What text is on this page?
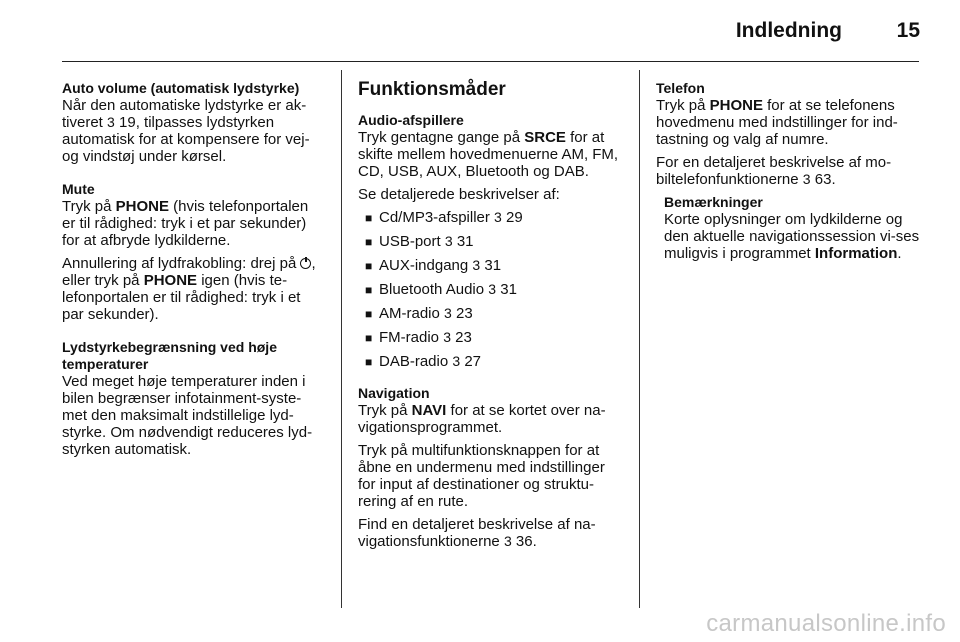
Indledning	15

Auto volume (automatisk lydstyrke)

Når den automatiske lydstyrke er ak-tiveret 3 19, tilpasses lydstyrken automatisk for at kompensere for vej- og vindstøj under kørsel.

Mute

Tryk på PHONE (hvis telefonportalen er til rådighed: tryk i et par sekunder) for at afbryde lydkilderne.

Annullering af lydfrakobling: drej på , eller tryk på PHONE igen (hvis te-lefonportalen er til rådighed: tryk i et par sekunder).

Lydstyrkebegrænsning ved høje temperaturer

Ved meget høje temperaturer inden i bilen begrænser infotainment-syste-met den maksimalt indstillelige lyd-styrke. Om nødvendigt reduceres lyd-styrken automatisk.

Funktionsmåder

Audio-afspillere

Tryk gentagne gange på SRCE for at skifte mellem hovedmenuerne AM, FM, CD, USB, AUX, Bluetooth og DAB.

Se detaljerede beskrivelser af:

■ Cd/MP3-afspiller 3 29
■ USB-port 3 31
■ AUX-indgang 3 31
■ Bluetooth Audio 3 31
■ AM-radio 3 23
■ FM-radio 3 23
■ DAB-radio 3 27

Navigation

Tryk på NAVI for at se kortet over na-vigationsprogrammet.

Tryk på multifunktionsknappen for at åbne en undermenu med indstillinger for input af destinationer og struktu-rering af en rute.

Find en detaljeret beskrivelse af na-vigationsfunktionerne 3 36.

Telefon

Tryk på PHONE for at se telefonens hovedmenu med indstillinger for ind-tastning og valg af numre.

For en detaljeret beskrivelse af mo-biltelefonfunktionerne 3 63.

Bemærkninger

Korte oplysninger om lydkilderne og den aktuelle navigationssession vi-ses muligvis i programmet Information.

carmanualsonline.info
